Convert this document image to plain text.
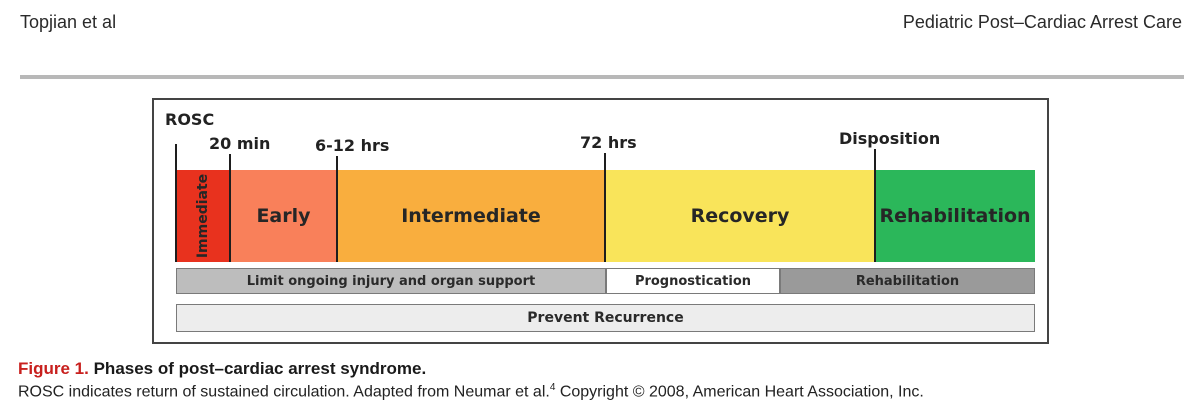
Topjian et al	Pediatric Post–Cardiac Arrest Care
ROSC
20 min	6-12 hrs	72 hrs	Disposition
Immediate Early	Intermediate	Recovery	Rehabilitation
Limit ongoing injury and organ support	Prognostication	Rehabilitation
Prevent Recurrence
Figure 1. Phases of post–cardiac arrest syndrome.
ROSC indicates return of sustained circulation. Adapted from Neumar et al.$^4$ Copyright © 2008, American Heart Association, Inc.
